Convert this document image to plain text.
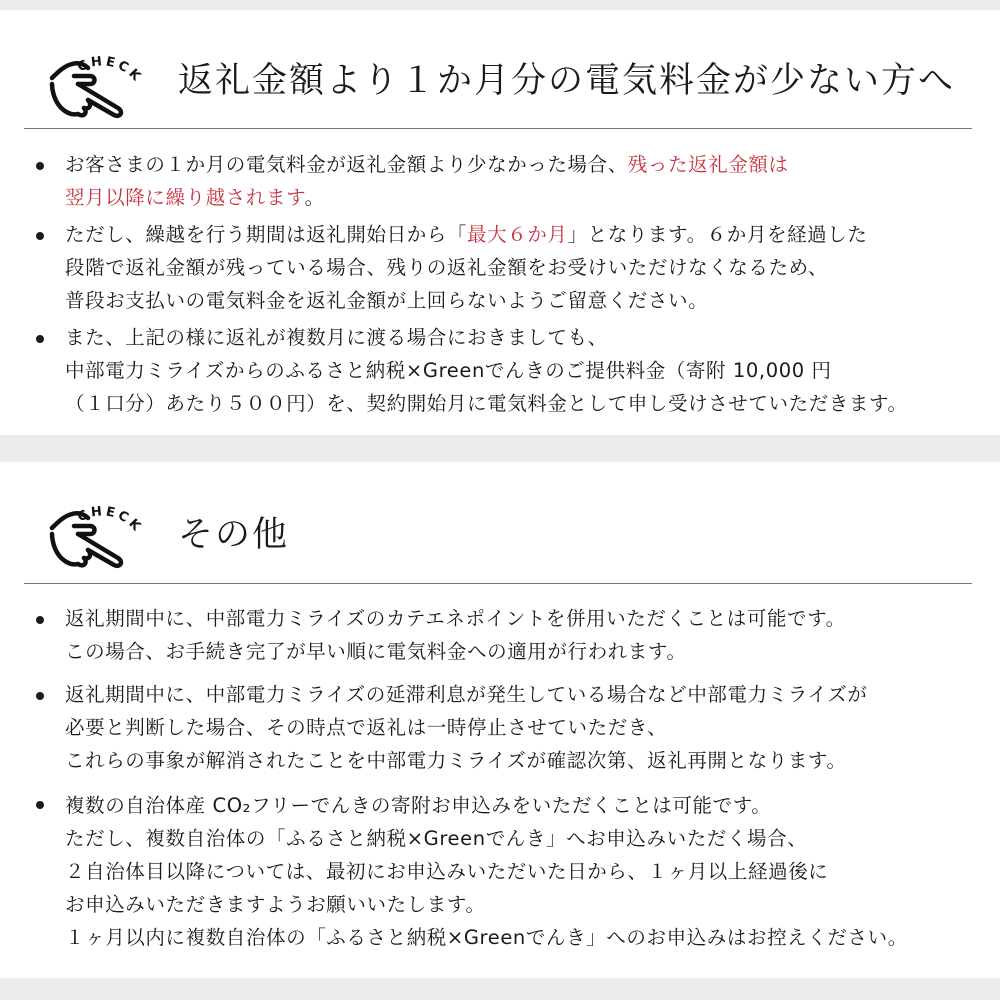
CHECK 返礼金額より１か月分の電気料金が少ない方へ
お客さまの１か月の電気料金が返礼金額より少なかった場合、残った返礼金額は
翌月以降に繰り越されます。
ただし、繰越を行う期間は返礼開始日から「最大６か月」となります。６か月を経過した
段階で返礼金額が残っている場合、残りの返礼金額をお受けいただけなくなるため、
普段お支払いの電気料金を返礼金額が上回らないようご留意ください。
また、上記の様に返礼が複数月に渡る場合におきましても、
中部電力ミライズからのふるさと納税×Greenでんきのご提供料金（寄附 10,000 円
（１口分）あたり５００円）を、契約開始月に電気料金として申し受けさせていただきます。
CHECK その他
返礼期間中に、中部電力ミライズのカテエネポイントを併用いただくことは可能です。
この場合、お手続き完了が早い順に電気料金への適用が行われます。
返礼期間中に、中部電力ミライズの延滞利息が発生している場合など中部電力ミライズが
必要と判断した場合、その時点で返礼は一時停止させていただき、
これらの事象が解消されたことを中部電力ミライズが確認次第、返礼再開となります。
複数の自治体産 CO₂フリーでんきの寄附お申込みをいただくことは可能です。
ただし、複数自治体の「ふるさと納税×Greenでんき」へお申込みいただく場合、
２自治体目以降については、最初にお申込みいただいた日から、１ヶ月以上経過後に
お申込みいただきますようお願いいたします。
１ヶ月以内に複数自治体の「ふるさと納税×Greenでんき」へのお申込みはお控えください。
